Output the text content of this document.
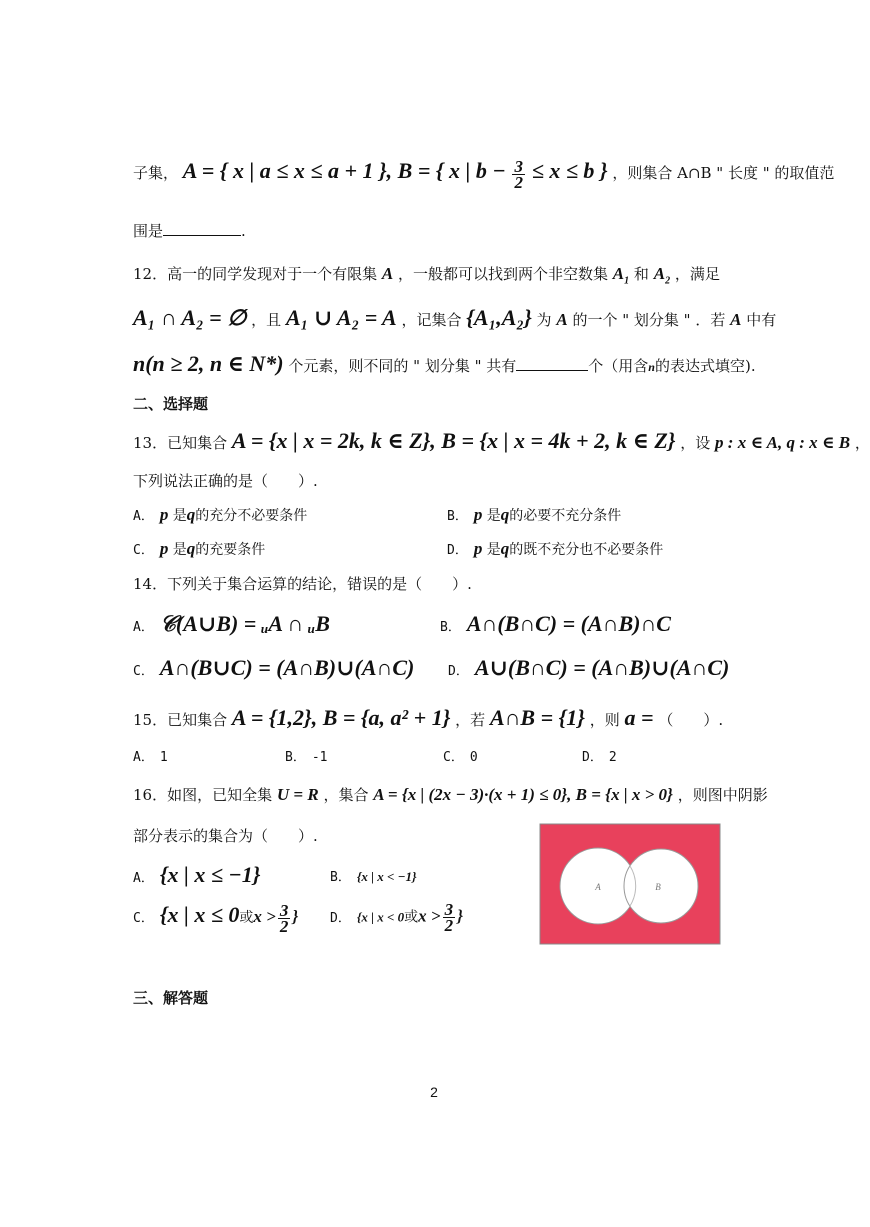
子集， A = { x | a ≤ x ≤ a + 1 }, B = { x | $b - \frac{3}{2} \le x \le b$ } ，则集合 A∩B " 长度 " 的取值范
围是	.
12．高一的同学发现对于一个有限集 A ，一般都可以找到两个非空数集 $A_1$ 和 $A_2$ ，满足
A₁ ∩ A₂ = ∅ ，且 A₁ ∪ A₂ = A ，记集合 {A₁,A₂} 为 A 的一个 " 划分集 " ．若 A 中有
n(n ≥ 2, n ∈ N*) 个元素，则不同的 " 划分集 " 共有	个（用含n的表达式填空).
二、选择题
13．已知集合 A = {x | x = 2k, k ∈ Z}, B = {x | x = 4k + 2, k ∈ Z} ，设 p : x ∈ A, q : x ∈ B ，
下列说法正确的是（　　）.
A． p 是q的充分不必要条件	B． p 是q的必要不充分条件
C． p 是q的充要条件	D． p 是q的既不充分也不必要条件
14．下列关于集合运算的结论，错误的是（　　）.
A． 𝒞(A∪B) = ᵤA ∩ ᵤB	B． A∩(B∩C) = (A∩B)∩C
C． A∩(B∪C) = (A∩B)∪(A∩C)	D． A∪(B∩C) = (A∩B)∪(A∩C)
15．已知集合 A = {1,2}, B = {a, a² + 1} ，若 A∩B = {1} ，则 a = （　　）.
A． 1	B． -1	C． 0	D． 2
16．如图，已知全集 U = R ，集合 A = {x | (2x − 3)·(x + 1) ≤ 0}, B = {x | x > 0} ，则图中阴影
部分表示的集合为（　　）.
A． {x | x ≤ −1}	B． {x | x < −1}
C． {x | x ≤ 0或$x > \frac{3}{2}$ } D． {x | x < 0或$x > \frac{3}{2}$ }
A	B
三、解答题
2
